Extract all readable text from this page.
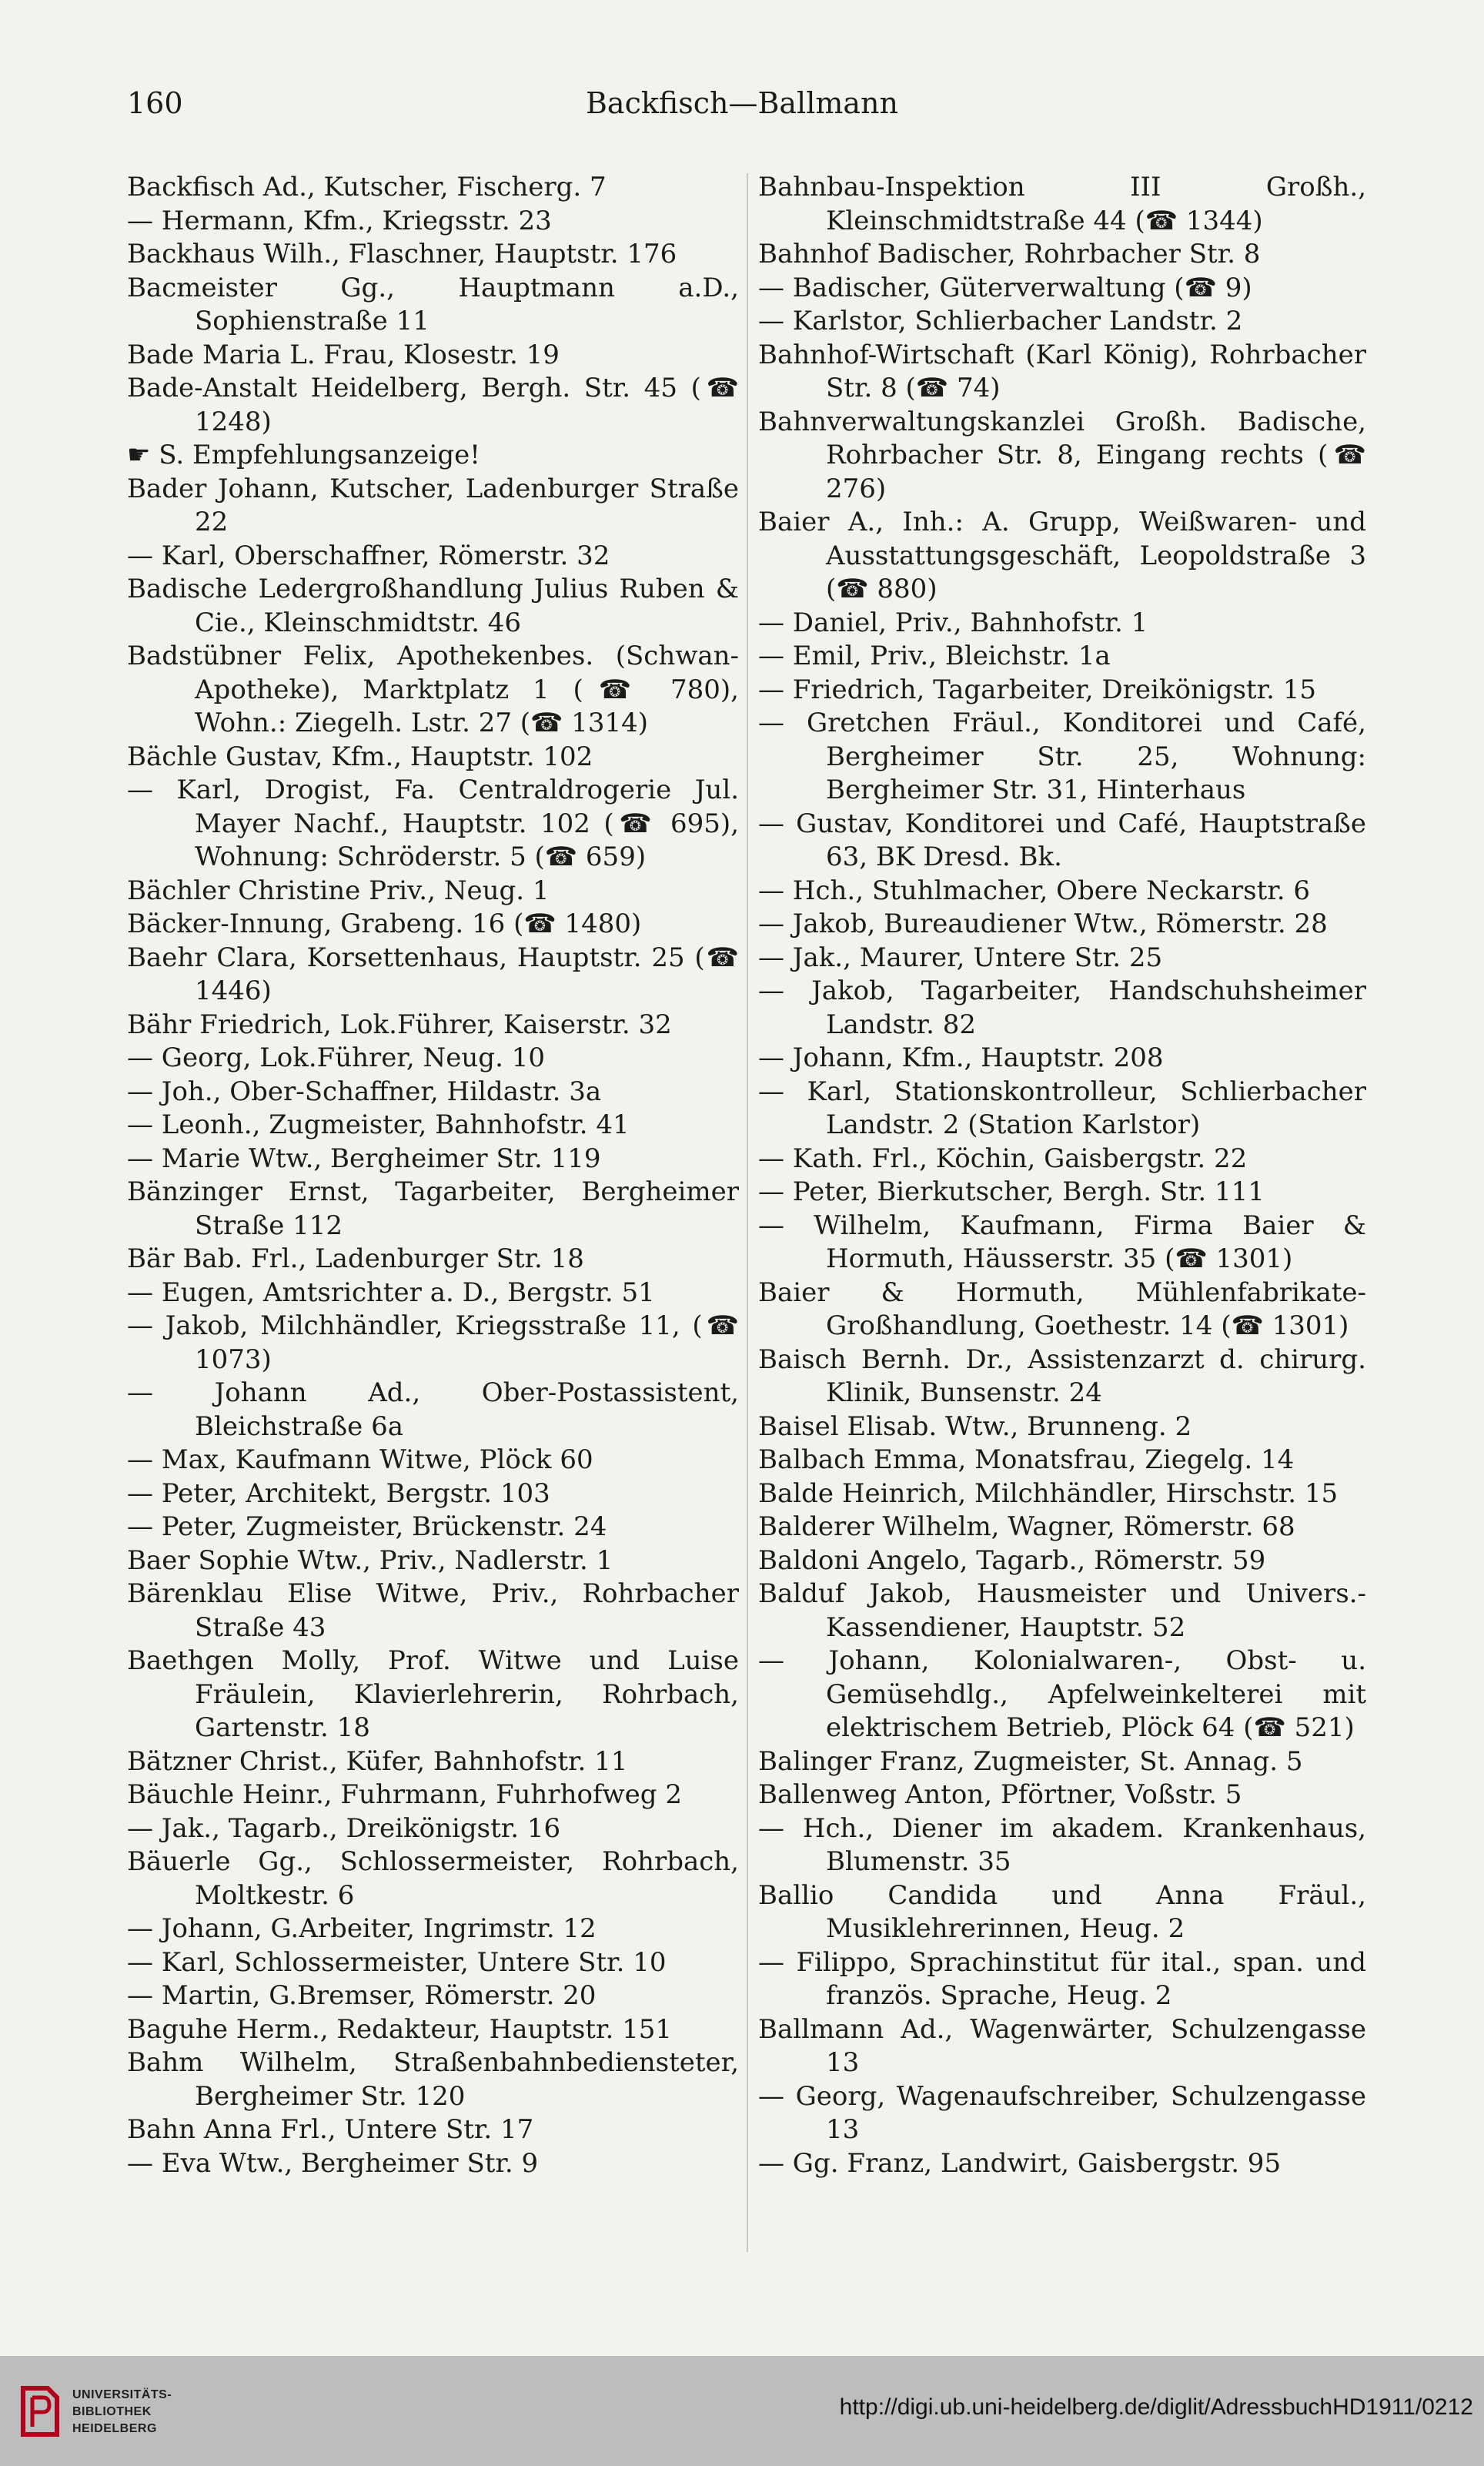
160	Backfisch—Ballmann
Backfisch Ad., Kutscher, Fischerg. 7
— Hermann, Kfm., Kriegsstr. 23
Backhaus Wilh., Flaschner, Hauptstr. 176
Bacmeister Gg., Hauptmann a.D., Sophienstraße 11
Bade Maria L. Frau, Klosestr. 19
Bade-Anstalt Heidelberg, Bergh. Str. 45 (☎ 1248)
☛ S. Empfehlungsanzeige!
Bader Johann, Kutscher, Ladenburger Straße 22
— Karl, Oberschaffner, Römerstr. 32
Badische Ledergroßhandlung Julius Ruben & Cie., Kleinschmidtstr. 46
Badstübner Felix, Apothekenbes. (Schwan-Apotheke), Marktplatz 1 (☎ 780), Wohn.: Ziegelh. Lstr. 27 (☎ 1314)
Bächle Gustav, Kfm., Hauptstr. 102
— Karl, Drogist, Fa. Centraldrogerie Jul. Mayer Nachf., Hauptstr. 102 (☎ 695), Wohnung: Schröderstr. 5 (☎ 659)
Bächler Christine Priv., Neug. 1
Bäcker-Innung, Grabeng. 16 (☎ 1480)
Baehr Clara, Korsettenhaus, Hauptstr. 25 (☎ 1446)
Bähr Friedrich, Lok.Führer, Kaiserstr. 32
— Georg, Lok.Führer, Neug. 10
— Joh., Ober-Schaffner, Hildastr. 3a
— Leonh., Zugmeister, Bahnhofstr. 41
— Marie Wtw., Bergheimer Str. 119
Bänzinger Ernst, Tagarbeiter, Bergheimer Straße 112
Bär Bab. Frl., Ladenburger Str. 18
— Eugen, Amtsrichter a. D., Bergstr. 51
— Jakob, Milchhändler, Kriegsstraße 11, (☎ 1073)
— Johann Ad., Ober-Postassistent, Bleichstraße 6a
— Max, Kaufmann Witwe, Plöck 60
— Peter, Architekt, Bergstr. 103
— Peter, Zugmeister, Brückenstr. 24
Baer Sophie Wtw., Priv., Nadlerstr. 1
Bärenklau Elise Witwe, Priv., Rohrbacher Straße 43
Baethgen Molly, Prof. Witwe und Luise Fräulein, Klavierlehrerin, Rohrbach, Gartenstr. 18
Bätzner Christ., Küfer, Bahnhofstr. 11
Bäuchle Heinr., Fuhrmann, Fuhrhofweg 2
— Jak., Tagarb., Dreikönigstr. 16
Bäuerle Gg., Schlossermeister, Rohrbach, Moltkestr. 6
— Johann, G.Arbeiter, Ingrimstr. 12
— Karl, Schlossermeister, Untere Str. 10
— Martin, G.Bremser, Römerstr. 20
Baguhe Herm., Redakteur, Hauptstr. 151
Bahm Wilhelm, Straßenbahnbediensteter, Bergheimer Str. 120
Bahn Anna Frl., Untere Str. 17
— Eva Wtw., Bergheimer Str. 9
Bahnbau-Inspektion III Großh., Kleinschmidtstraße 44 (☎ 1344)
Bahnhof Badischer, Rohrbacher Str. 8
— Badischer, Güterverwaltung (☎ 9)
— Karlstor, Schlierbacher Landstr. 2
Bahnhof-Wirtschaft (Karl König), Rohrbacher Str. 8 (☎ 74)
Bahnverwaltungskanzlei Großh. Badische, Rohrbacher Str. 8, Eingang rechts (☎ 276)
Baier A., Inh.: A. Grupp, Weißwaren- und Ausstattungsgeschäft, Leopoldstraße 3 (☎ 880)
— Daniel, Priv., Bahnhofstr. 1
— Emil, Priv., Bleichstr. 1a
— Friedrich, Tagarbeiter, Dreikönigstr. 15
— Gretchen Fräul., Konditorei und Café, Bergheimer Str. 25, Wohnung: Bergheimer Str. 31, Hinterhaus
— Gustav, Konditorei und Café, Hauptstraße 63, BK Dresd. Bk.
— Hch., Stuhlmacher, Obere Neckarstr. 6
— Jakob, Bureaudiener Wtw., Römerstr. 28
— Jak., Maurer, Untere Str. 25
— Jakob, Tagarbeiter, Handschuhsheimer Landstr. 82
— Johann, Kfm., Hauptstr. 208
— Karl, Stationskontrolleur, Schlierbacher Landstr. 2 (Station Karlstor)
— Kath. Frl., Köchin, Gaisbergstr. 22
— Peter, Bierkutscher, Bergh. Str. 111
— Wilhelm, Kaufmann, Firma Baier & Hormuth, Häusserstr. 35 (☎ 1301)
Baier & Hormuth, Mühlenfabrikate-Großhandlung, Goethestr. 14 (☎ 1301)
Baisch Bernh. Dr., Assistenzarzt d. chirurg. Klinik, Bunsenstr. 24
Baisel Elisab. Wtw., Brunneng. 2
Balbach Emma, Monatsfrau, Ziegelg. 14
Balde Heinrich, Milchhändler, Hirschstr. 15
Balderer Wilhelm, Wagner, Römerstr. 68
Baldoni Angelo, Tagarb., Römerstr. 59
Balduf Jakob, Hausmeister und Univers.-Kassendiener, Hauptstr. 52
— Johann, Kolonialwaren-, Obst- u. Gemüsehdlg., Apfelweinkelterei mit elektrischem Betrieb, Plöck 64 (☎ 521)
Balinger Franz, Zugmeister, St. Annag. 5
Ballenweg Anton, Pförtner, Voßstr. 5
— Hch., Diener im akadem. Krankenhaus, Blumenstr. 35
Ballio Candida und Anna Fräul., Musiklehrerinnen, Heug. 2
— Filippo, Sprachinstitut für ital., span. und französ. Sprache, Heug. 2
Ballmann Ad., Wagenwärter, Schulzengasse 13
— Georg, Wagenaufschreiber, Schulzengasse 13
— Gg. Franz, Landwirt, Gaisbergstr. 95
UNIVERSITÄTS-
BIBLIOTHEK
HEIDELBERG
http://digi.ub.uni-heidelberg.de/diglit/AdressbuchHD1911/0212
